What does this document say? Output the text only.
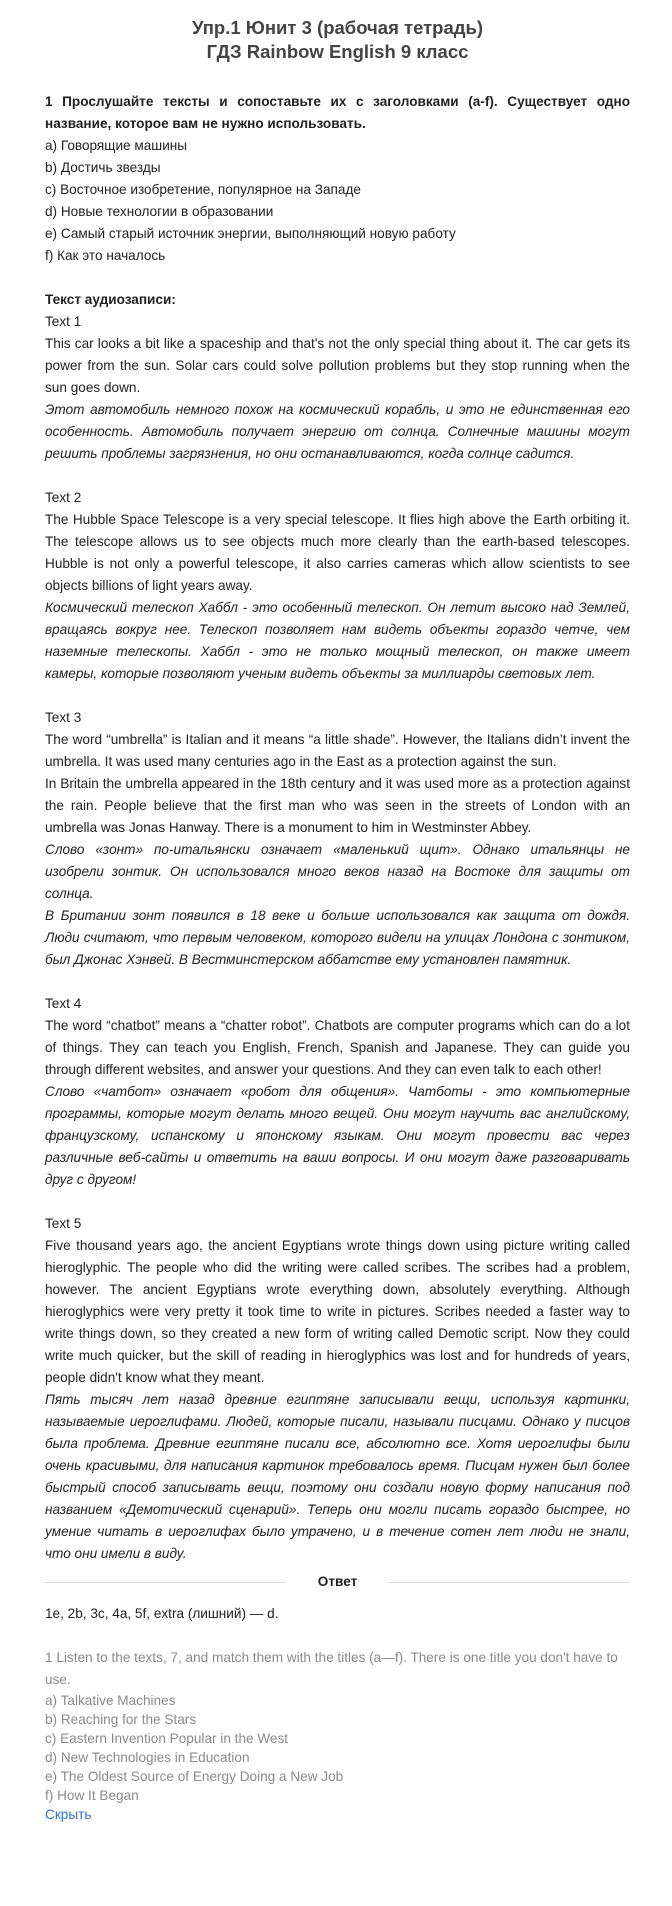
Упр.1 Юнит 3 (рабочая тетрадь)
ГДЗ Rainbow English 9 класс

1 Прослушайте тексты и сопоставьте их с заголовками (a-f). Существует одно название, которое вам не нужно использовать.

a) Говорящие машины
b) Достичь звезды
c) Восточное изобретение, популярное на Западе
d) Новые технологии в образовании
e) Самый старый источник энергии, выполняющий новую работу
f) Как это началось
Текст аудиозаписи:
Text 1

This car looks a bit like a spaceship and that's not the only special thing about it. The car gets its power from the sun. Solar cars could solve pollution problems but they stop running when the sun goes down.

Этот автомобиль немного похож на космический корабль, и это не единственная его особенность. Автомобиль получает энергию от солнца. Солнечные машины могут решить проблемы загрязнения, но они останавливаются, когда солнце садится.

Text 2

The Hubble Space Telescope is a very special telescope. It flies high above the Earth orbiting it. The telescope allows us to see objects much more clearly than the earth-based telescopes. Hubble is not only a powerful telescope, it also carries cameras which allow scientists to see objects billions of light years away.

Космический телескоп Хаббл - это особенный телескоп. Он летит высоко над Землей, вращаясь вокруг нее. Телескоп позволяет нам видеть объекты гораздо четче, чем наземные телескопы. Хаббл - это не только мощный телескоп, он также имеет камеры, которые позволяют ученым видеть объекты за миллиарды световых лет.

Text 3

The word “umbrella” is Italian and it means “a little shade”. However, the Italians didn’t invent the umbrella. It was used many centuries ago in the East as a protection against the sun.

In Britain the umbrella appeared in the 18th century and it was used more as a protection against the rain. People believe that the first man who was seen in the streets of London with an umbrella was Jonas Hanway. There is a monument to him in Westminster Abbey.

Слово «зонт» по-итальянски означает «маленький щит». Однако итальянцы не изобрели зонтик. Он использовался много веков назад на Востоке для защиты от солнца.

В Британии зонт появился в 18 веке и больше использовался как защита от дождя. Люди считают, что первым человеком, которого видели на улицах Лондона с зонтиком, был Джонас Хэнвей. В Вестминстерском аббатстве ему установлен памятник.

Text 4

The word “chatbot” means a “chatter robot”. Chatbots are computer programs which can do a lot of things. They can teach you English, French, Spanish and Japanese. They can guide you through different websites, and answer your questions. And they can even talk to each other!

Слово «чатбот» означает «робот для общения». Чатботы - это компьютерные программы, которые могут делать много вещей. Они могут научить вас английскому, французскому, испанскому и японскому языкам. Они могут провести вас через различные веб-сайты и ответить на ваши вопросы. И они могут даже разговаривать друг с другом!

Text 5

Five thousand years ago, the ancient Egyptians wrote things down using picture writing called hieroglyphic. The people who did the writing were called scribes. The scribes had a problem, however. The ancient Egyptians wrote everything down, absolutely everything. Although hieroglyphics were very pretty it took time to write in pictures. Scribes needed a faster way to write things down, so they created a new form of writing called Demotic script. Now they could write much quicker, but the skill of reading in hieroglyphics was lost and for hundreds of years, people didn't know what they meant.

Пять тысяч лет назад древние египтяне записывали вещи, используя картинки, называемые иероглифами. Людей, которые писали, называли писцами. Однако у писцов была проблема. Древние египтяне писали все, абсолютно все. Хотя иероглифы были очень красивыми, для написания картинок требовалось время. Писцам нужен был более быстрый способ записывать вещи, поэтому они создали новую форму написания под названием «Демотический сценарий». Теперь они могли писать гораздо быстрее, но умение читать в иероглифах было утрачено, и в течение сотен лет люди не знали, что они имели в виду.

Ответ

1e, 2b, 3c, 4a, 5f, extra (лишний) — d.

1 Listen to the texts, 7, and match them with the titles (a—f). There is one title you don't have to use.

a) Talkative Machines
b) Reaching for the Stars
c) Eastern Invention Popular in the West
d) New Technologies in Education
e) The Oldest Source of Energy Doing a New Job
f) How It Began
Скрыть
